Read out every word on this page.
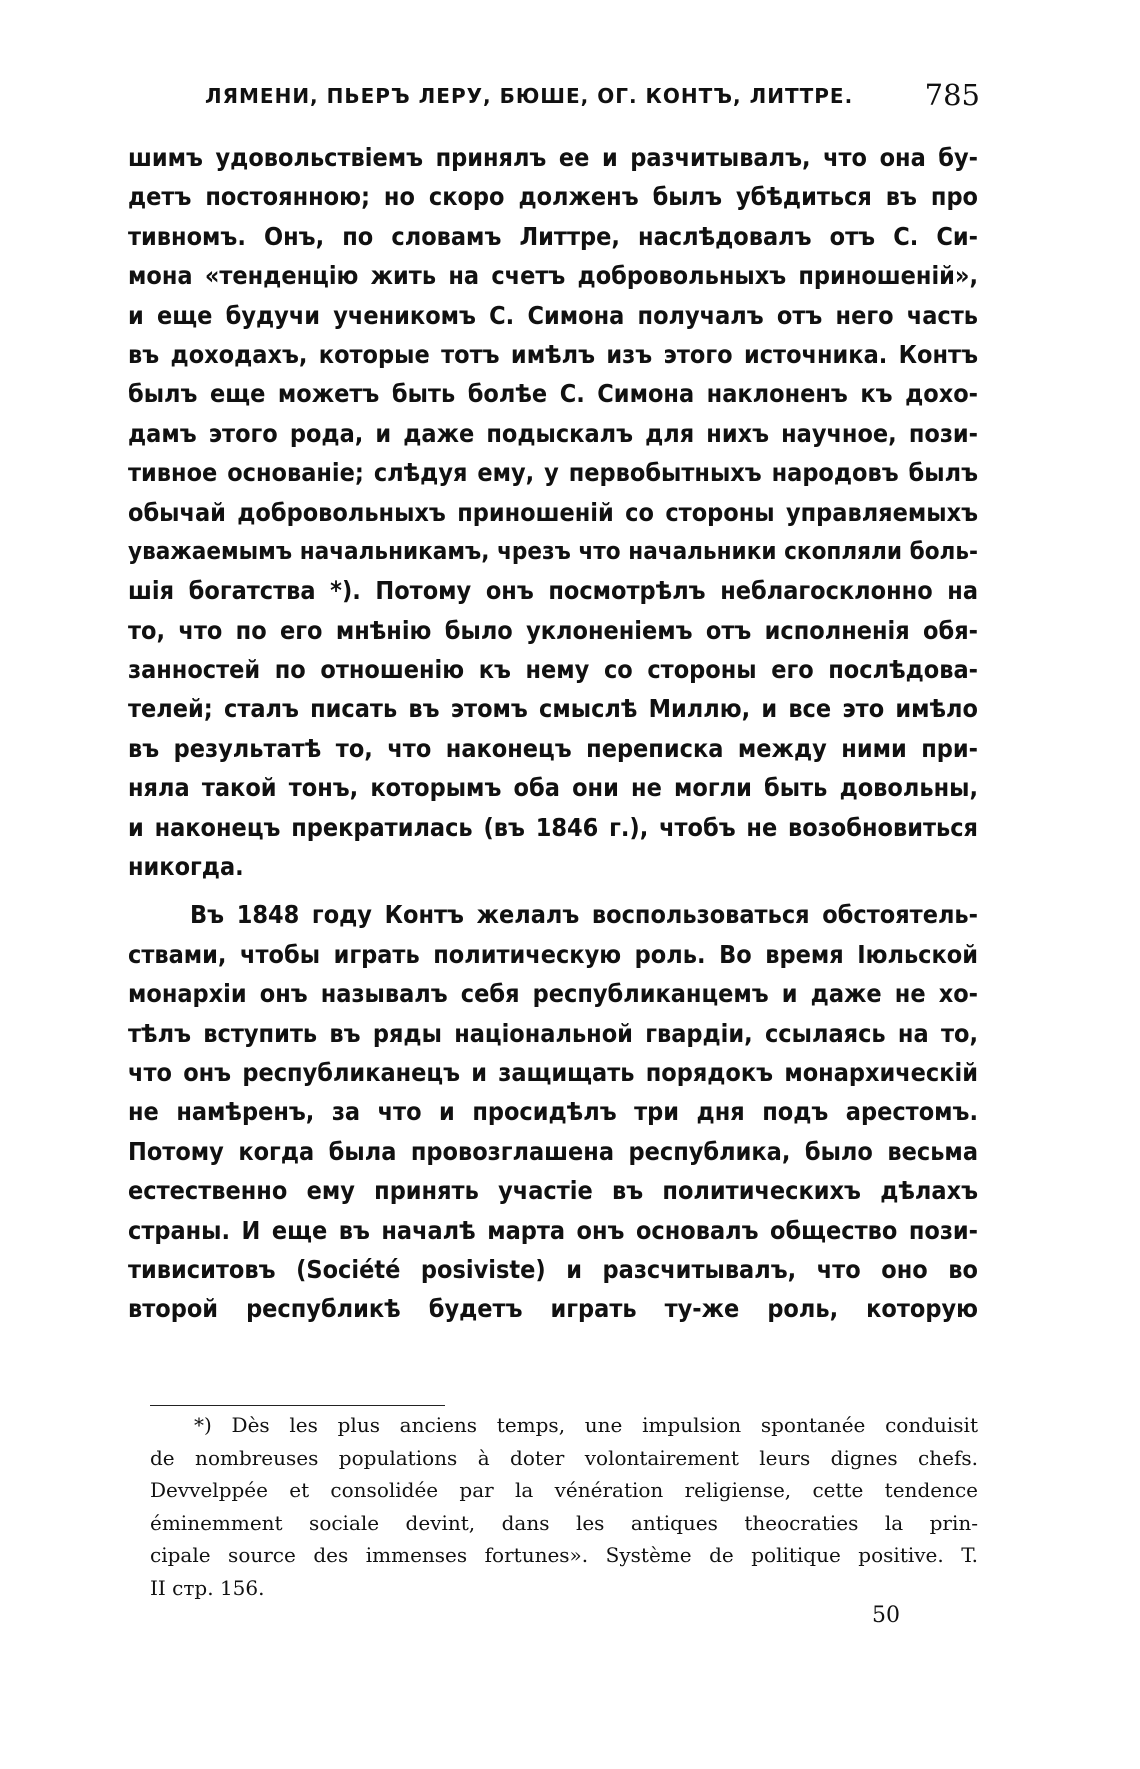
ЛЯМЕНИ, ПЬЕРЪ ЛЕРУ, БЮШЕ, ОГ. КОНТЪ, ЛИТТРЕ. 785
шимъ удовольствіемъ принялъ ее и разчитывалъ, что она бу-
детъ постоянною; но скоро долженъ былъ убѣдиться въ про
тивномъ. Онъ, по словамъ Литтре, наслѣдовалъ отъ С. Си-
мона «тенденцію жить на счетъ добровольныхъ приношеній»,
и еще будучи ученикомъ С. Симона получалъ отъ него часть
въ доходахъ, которые тотъ имѣлъ изъ этого источника. Контъ
былъ еще можетъ быть болѣе С. Симона наклоненъ къ дохо-
дамъ этого рода, и даже подыскалъ для нихъ научное, пози-
тивное основаніе; слѣдуя ему, у первобытныхъ народовъ былъ
обычай добровольныхъ приношеній со стороны управляемыхъ
уважаемымъ начальникамъ, чрезъ что начальники скопляли боль-
шія богатства *). Потому онъ посмотрѣлъ неблагосклонно на
то, что по его мнѣнію было уклоненіемъ отъ исполненія обя-
занностей по отношенію къ нему со стороны его послѣдова-
телей; сталъ писать въ этомъ смыслѣ Миллю, и все это имѣло
въ результатѣ то, что наконецъ переписка между ними при-
няла такой тонъ, которымъ оба они не могли быть довольны,
и наконецъ прекратилась (въ 1846 г.), чтобъ не возобновиться
никогда.
Въ 1848 году Контъ желалъ воспользоваться обстоятель-
ствами, чтобы играть политическую роль. Во время Іюльской
монархіи онъ называлъ себя республиканцемъ и даже не хо-
тѣлъ вступить въ ряды національной гвардіи, ссылаясь на то,
что онъ республиканецъ и защищать порядокъ монархическій
не намѣренъ, за что и просидѣлъ три дня подъ арестомъ.
Потому когда была провозглашена республика, было весьма
естественно ему принять участіе въ политическихъ дѣлахъ
страны. И еще въ началѣ марта онъ основалъ общество пози-
тивиситовъ (Société posiviste) и разсчитывалъ, что оно во
второй республикѣ будетъ играть ту-же роль, которую
*) Dès les plus anciens temps, une impulsion spontanée conduisit
de nombreuses populations à doter volontairement leurs dignes chefs.
Devvelppée et consolidée par la vénération religiense, cette tendence
éminemment sociale devint, dans les antiques theocraties la prin-
cipale source des immenses fortunes». Système de politique positive. T.
II стр. 156.
50
